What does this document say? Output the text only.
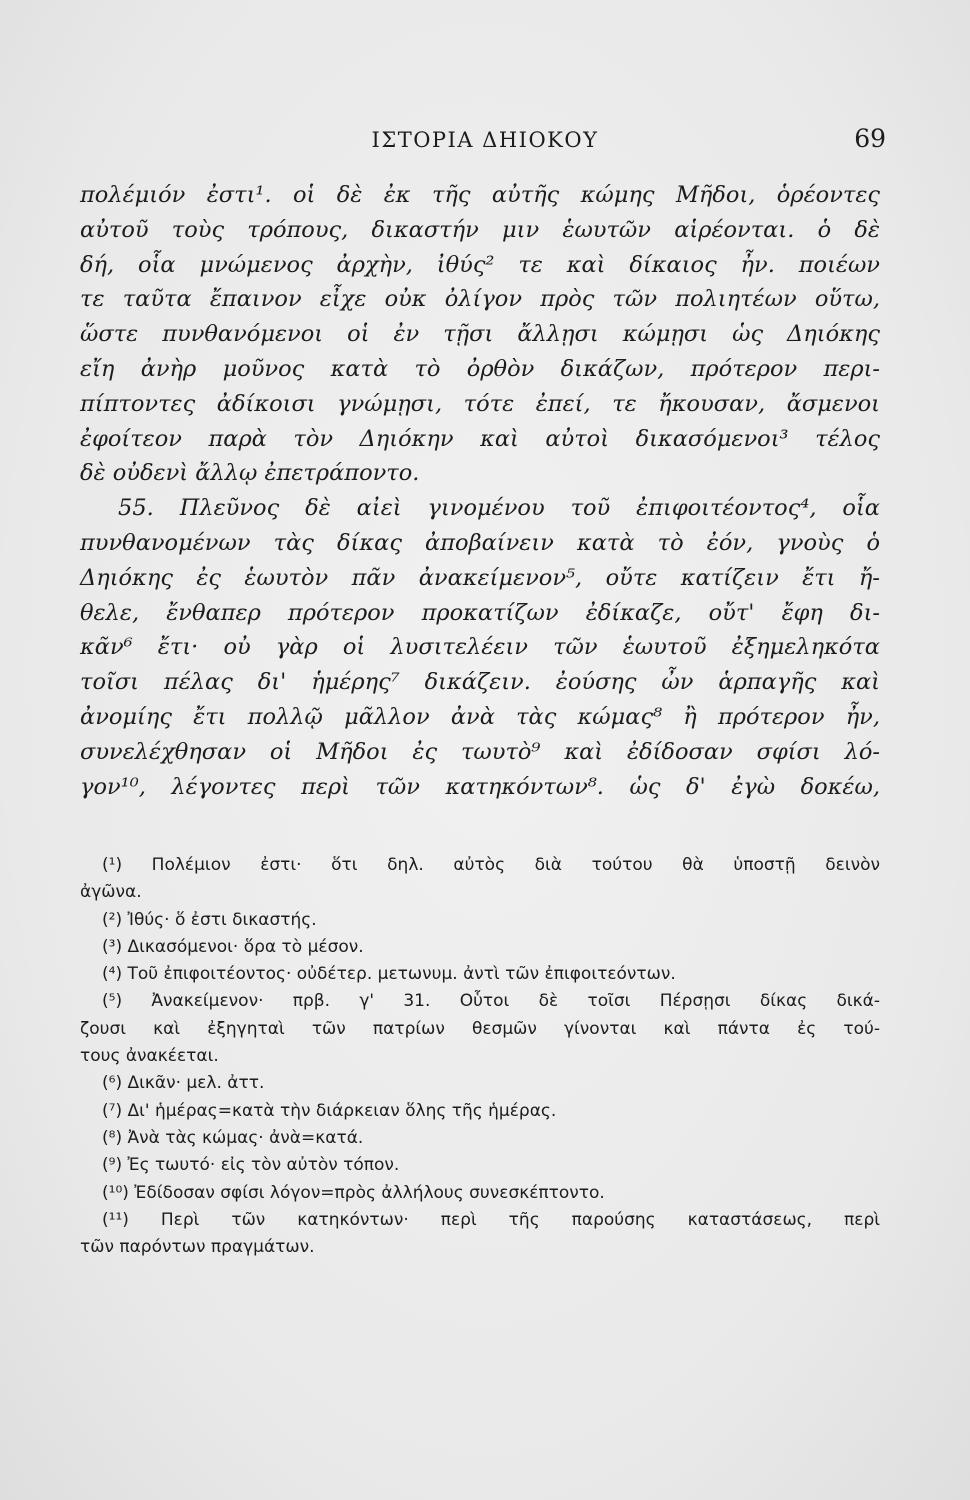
ΙΣΤΟΡΙΑ ΔΗΙΟΚΟΥ	69
πολέμιόν ἐστι¹. οἱ δὲ ἐκ τῆς αὐτῆς κώμης Μῆδοι, ὁρέοντες
αὐτοῦ τοὺς τρόπους, δικαστήν μιν ἑωυτῶν αἱρέονται. ὁ δὲ
δή, οἷα μνώμενος ἀρχὴν, ἰθύς² τε καὶ δίκαιος ἦν. ποιέων
τε ταῦτα ἔπαινον εἶχε οὐκ ὀλίγον πρὸς τῶν πολιητέων οὕτω,
ὥστε πυνθανόμενοι οἱ ἐν τῇσι ἄλλῃσι κώμῃσι ὡς Δηιόκης
εἴη ἀνὴρ μοῦνος κατὰ τὸ ὀρθὸν δικάζων, πρότερον περι-
πίπτοντες ἀδίκοισι γνώμῃσι, τότε ἐπεί, τε ἤκουσαν, ἄσμενοι
ἐφοίτεον παρὰ τὸν Δηιόκην καὶ αὐτοὶ δικασόμενοι³ τέλος
δὲ οὐδενὶ ἄλλῳ ἐπετράποντο.
55. Πλεῦνος δὲ αἰεὶ γινομένου τοῦ ἐπιφοιτέοντος⁴, οἷα
πυνθανομένων τὰς δίκας ἀποβαίνειν κατὰ τὸ ἐόν, γνοὺς ὁ
Δηιόκης ἐς ἑωυτὸν πᾶν ἀνακείμενον⁵, οὔτε κατίζειν ἔτι ἤ-
θελε, ἔνθαπερ πρότερον προκατίζων ἐδίκαζε, οὔτ' ἔφη δι-
κᾶν⁶ ἔτι· οὐ γὰρ οἱ λυσιτελέειν τῶν ἑωυτοῦ ἐξημεληκότα
τοῖσι πέλας δι' ἡμέρης⁷ δικάζειν. ἐούσης ὦν ἁρπαγῆς καὶ
ἀνομίης ἔτι πολλῷ μᾶλλον ἀνὰ τὰς κώμας⁸ ἢ πρότερον ἦν,
συνελέχθησαν οἱ Μῆδοι ἐς τωυτὸ⁹ καὶ ἐδίδοσαν σφίσι λό-
γον¹⁰, λέγοντες περὶ τῶν κατηκόντων⁸. ὡς δ' ἐγὼ δοκέω,
(¹) Πολέμιον ἐστι· ὅτι δηλ. αὐτὸς διὰ τούτου θὰ ὑποστῇ δεινὸν
ἀγῶνα.
(²) Ἰθύς· ὅ ἐστι δικαστής.
(³) Δικασόμενοι· ὅρα τὸ μέσον.
(⁴) Τοῦ ἐπιφοιτέοντος· οὐδέτερ. μετωνυμ. ἀντὶ τῶν ἐπιφοιτεόντων.
(⁵) Ἀνακείμενον· πρβ. γ' 31. Οὗτοι δὲ τοῖσι Πέρσῃσι δίκας δικά-
ζουσι καὶ ἐξηγηταὶ τῶν πατρίων θεσμῶν γίνονται καὶ πάντα ἐς τού-
τους ἀνακέεται.
(⁶) Δικᾶν· μελ. ἀττ.
(⁷) Δι' ἡμέρας=κατὰ τὴν διάρκειαν ὅλης τῆς ἡμέρας.
(⁸) Ἀνὰ τὰς κώμας· ἀνὰ=κατά.
(⁹) Ἐς τωυτό· εἰς τὸν αὐτὸν τόπον.
(¹⁰) Ἐδίδοσαν σφίσι λόγον=πρὸς ἀλλήλους συνεσκέπτοντο.
(¹¹) Περὶ τῶν κατηκόντων· περὶ τῆς παρούσης καταστάσεως, περὶ
τῶν παρόντων πραγμάτων.
